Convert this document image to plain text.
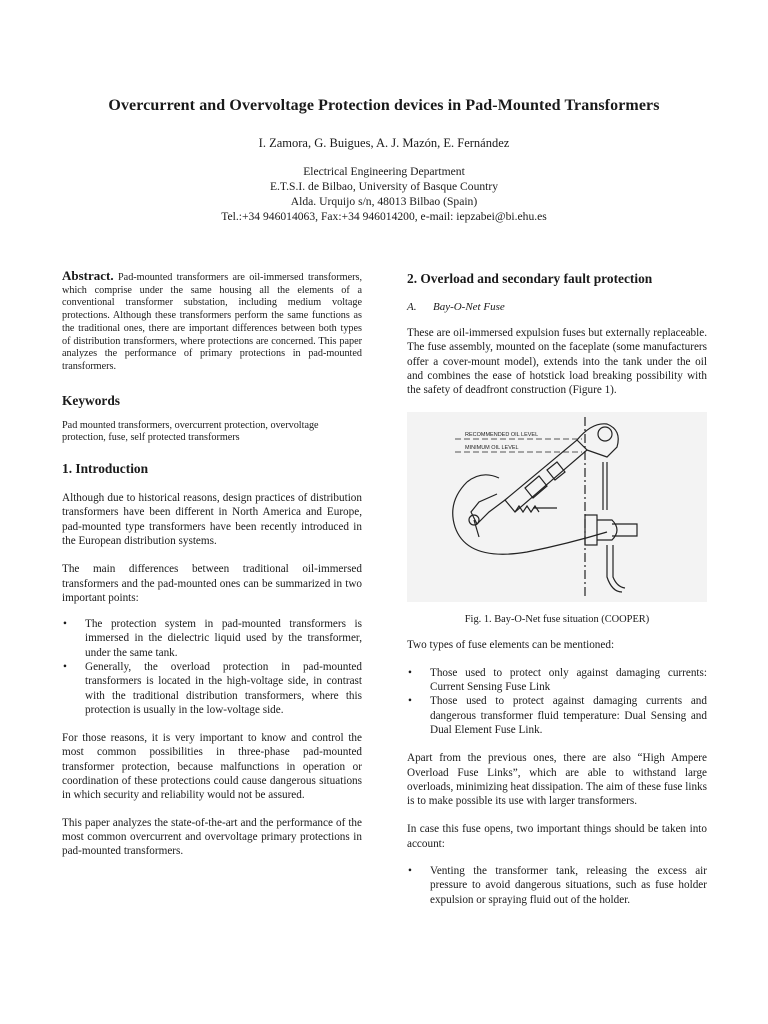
Overcurrent and Overvoltage Protection devices in Pad-Mounted Transformers
I. Zamora, G. Buigues, A. J. Mazón, E. Fernández
Electrical Engineering Department
E.T.S.I. de Bilbao, University of Basque Country
Alda. Urquijo s/n, 48013 Bilbao (Spain)
Tel.:+34 946014063, Fax:+34 946014200, e-mail: iepzabei@bi.ehu.es
Abstract. Pad-mounted transformers are oil-immersed transformers, which comprise under the same housing all the elements of a conventional transformer substation, including medium voltage protections. Although these transformers perform the same functions as the traditional ones, there are important differences between both types of distribution transformers, where protections are concerned. This paper analyzes the performance of primary protections in pad-mounted transformers.
Keywords
Pad mounted transformers, overcurrent protection, overvoltage protection, fuse, self protected transformers
1. Introduction
Although due to historical reasons, design practices of distribution transformers have been different in North America and Europe, pad-mounted type transformers have been recently introduced in the European distribution systems.
The main differences between traditional oil-immersed transformers and the pad-mounted ones can be summarized in two important points:
• The protection system in pad-mounted transformers is immersed in the dielectric liquid used by the transformer, under the same tank.
• Generally, the overload protection in pad-mounted transformers is located in the high-voltage side, in contrast with the traditional distribution transformers, where this protection is usually in the low-voltage side.
For those reasons, it is very important to know and control the most common possibilities in three-phase pad-mounted transformer protection, because malfunctions in operation or coordination of these protections could cause dangerous situations in which security and reliability would not be assured.
This paper analyzes the state-of-the-art and the performance of the most common overcurrent and overvoltage primary protections in pad-mounted transformers.
2. Overload and secondary fault protection
A.      Bay-O-Net Fuse
These are oil-immersed expulsion fuses but externally replaceable. The fuse assembly, mounted on the faceplate (some manufacturers offer a cover-mount model), extends into the tank under the oil and combines the ease of hotstick load breaking possibility with the safety of deadfront construction (Figure 1).
RECOMMENDED OIL LEVEL
MINIMUM OIL LEVEL
Fig. 1. Bay-O-Net fuse situation (COOPER)
Two types of fuse elements can be mentioned:
• Those used to protect only against damaging currents: Current Sensing Fuse Link
• Those used to protect against damaging currents and dangerous transformer fluid temperature: Dual Sensing and Dual Element Fuse Link.
Apart from the previous ones, there are also “High Ampere Overload Fuse Links”, which are able to withstand large overloads, minimizing heat dissipation. The aim of these fuse links is to make possible its use with larger transformers.
In case this fuse opens, two important things should be taken into account:
• Venting the transformer tank, releasing the excess air pressure to avoid dangerous situations, such as fuse holder expulsion or spraying fluid out of the holder.
